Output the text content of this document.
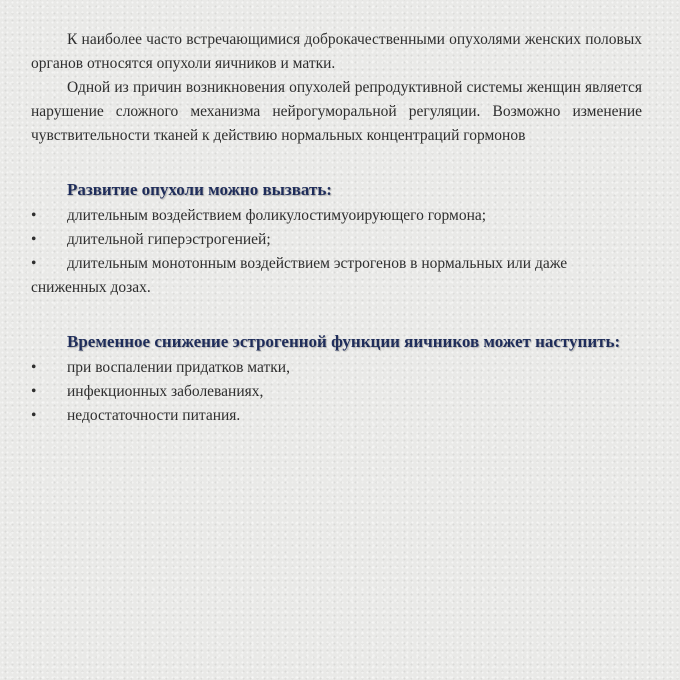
К наиболее часто встречающимися доброкачественными опухолями женских половых органов относятся опухоли яичников и матки.

Одной из причин возникновения опухолей репродуктивной системы женщин является нарушение сложного механизма нейрогуморальной регуляции. Возможно изменение чувствительности тканей к действию нормальных концентраций гормонов

Развитие опухоли можно вызвать:
• длительным воздействием фоликулостимуоирующего гормона;
• длительной гиперэстрогенией;
• длительным монотонным воздействием эстрогенов в нормальных или даже сниженных дозах.
Временное снижение эстрогенной функции яичников может наступить:
• при воспалении придатков матки,
• инфекционных заболеваниях,
• недостаточности питания.
